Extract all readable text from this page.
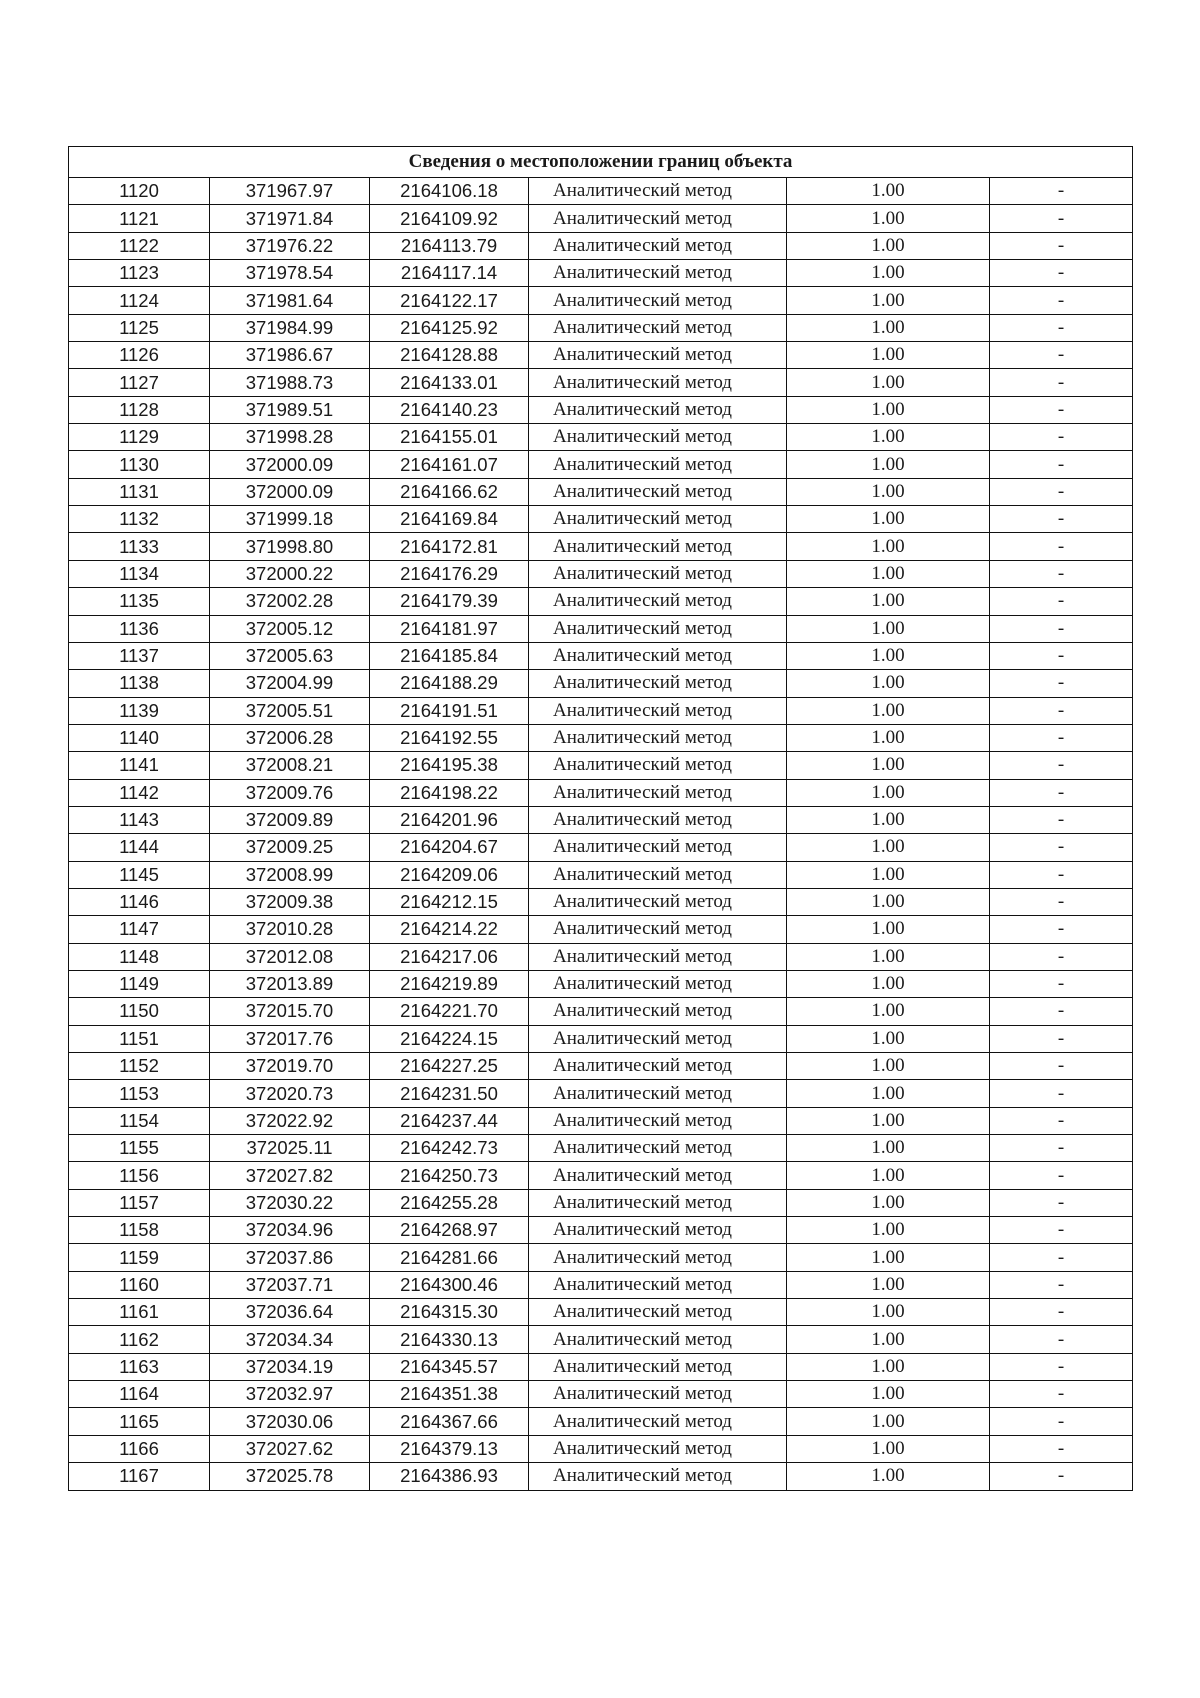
Сведения о местоположении границ объекта					
1120	371967.97	2164106.18	Аналитический метод	1.00	-
1121	371971.84	2164109.92	Аналитический метод	1.00	-
1122	371976.22	2164113.79	Аналитический метод	1.00	-
1123	371978.54	2164117.14	Аналитический метод	1.00	-
1124	371981.64	2164122.17	Аналитический метод	1.00	-
1125	371984.99	2164125.92	Аналитический метод	1.00	-
1126	371986.67	2164128.88	Аналитический метод	1.00	-
1127	371988.73	2164133.01	Аналитический метод	1.00	-
1128	371989.51	2164140.23	Аналитический метод	1.00	-
1129	371998.28	2164155.01	Аналитический метод	1.00	-
1130	372000.09	2164161.07	Аналитический метод	1.00	-
1131	372000.09	2164166.62	Аналитический метод	1.00	-
1132	371999.18	2164169.84	Аналитический метод	1.00	-
1133	371998.80	2164172.81	Аналитический метод	1.00	-
1134	372000.22	2164176.29	Аналитический метод	1.00	-
1135	372002.28	2164179.39	Аналитический метод	1.00	-
1136	372005.12	2164181.97	Аналитический метод	1.00	-
1137	372005.63	2164185.84	Аналитический метод	1.00	-
1138	372004.99	2164188.29	Аналитический метод	1.00	-
1139	372005.51	2164191.51	Аналитический метод	1.00	-
1140	372006.28	2164192.55	Аналитический метод	1.00	-
1141	372008.21	2164195.38	Аналитический метод	1.00	-
1142	372009.76	2164198.22	Аналитический метод	1.00	-
1143	372009.89	2164201.96	Аналитический метод	1.00	-
1144	372009.25	2164204.67	Аналитический метод	1.00	-
1145	372008.99	2164209.06	Аналитический метод	1.00	-
1146	372009.38	2164212.15	Аналитический метод	1.00	-
1147	372010.28	2164214.22	Аналитический метод	1.00	-
1148	372012.08	2164217.06	Аналитический метод	1.00	-
1149	372013.89	2164219.89	Аналитический метод	1.00	-
1150	372015.70	2164221.70	Аналитический метод	1.00	-
1151	372017.76	2164224.15	Аналитический метод	1.00	-
1152	372019.70	2164227.25	Аналитический метод	1.00	-
1153	372020.73	2164231.50	Аналитический метод	1.00	-
1154	372022.92	2164237.44	Аналитический метод	1.00	-
1155	372025.11	2164242.73	Аналитический метод	1.00	-
1156	372027.82	2164250.73	Аналитический метод	1.00	-
1157	372030.22	2164255.28	Аналитический метод	1.00	-
1158	372034.96	2164268.97	Аналитический метод	1.00	-
1159	372037.86	2164281.66	Аналитический метод	1.00	-
1160	372037.71	2164300.46	Аналитический метод	1.00	-
1161	372036.64	2164315.30	Аналитический метод	1.00	-
1162	372034.34	2164330.13	Аналитический метод	1.00	-
1163	372034.19	2164345.57	Аналитический метод	1.00	-
1164	372032.97	2164351.38	Аналитический метод	1.00	-
1165	372030.06	2164367.66	Аналитический метод	1.00	-
1166	372027.62	2164379.13	Аналитический метод	1.00	-
1167	372025.78	2164386.93	Аналитический метод	1.00	-
